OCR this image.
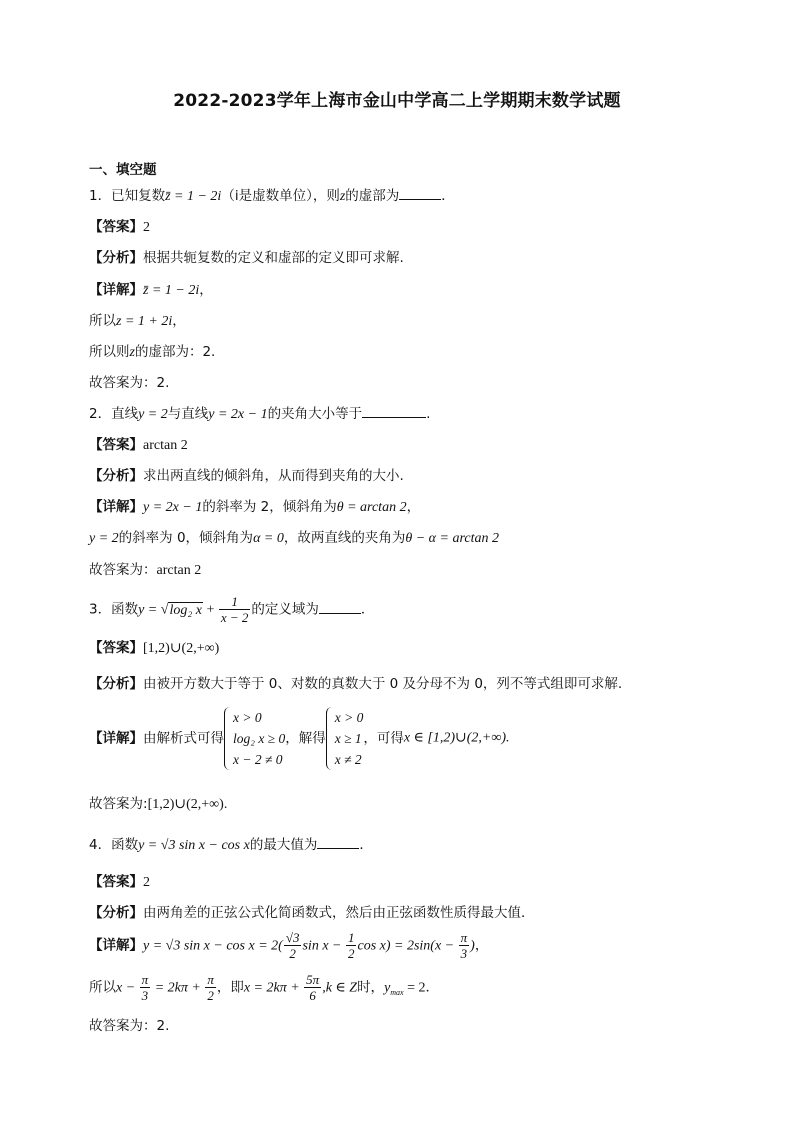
2022-2023学年上海市金山中学高二上学期期末数学试题
一、填空题
1．已知复数z̄ = 1 − 2i（i是虚数单位），则z的虚部为	．
【答案】2
【分析】根据共轭复数的定义和虚部的定义即可求解.
【详解】z̄ = 1 − 2i，
所以z = 1 + 2i，
所以则z的虚部为：2.
故答案为：2.
2．直线y = 2与直线y = 2x − 1的夹角大小等于	.
【答案】arctan 2
【分析】求出两直线的倾斜角，从而得到夹角的大小.
【详解】y = 2x − 1的斜率为 2，倾斜角为θ = arctan 2，
y = 2的斜率为 0，倾斜角为α = 0，故两直线的夹角为θ − α = arctan 2
故答案为：arctan 2
3．函数y = √log₂ $x + \frac{1}{x - 2}$ 的定义域为	．
【答案】[1,2)∪(2,+∞)
【分析】由被开方数大于等于 0、对数的真数大于 0 及分母不为 0，列不等式组即可求解.
【详解】由解析式可得
x > 0
log₂ x ≥ 0
x − 2 ≠ 0
，解得
x > 0
x ≥ 1
x ≠ 2
，可得x ∈ [1,2)∪(2,+∞).
故答案为:[1,2)∪(2,+∞).
4．函数y = √3 sin x − cos x的最大值为	．
【答案】2
【分析】由两角差的正弦公式化简函数式，然后由正弦函数性质得最大值．
【详解】y = √3 $\sin x - \cos x = 2( \frac{√3}{2}$ $\sin x - \frac{1}{2}$ $\cos x) = 2\sin(x - \frac{\pi}{3}$ )，
所以$x - \frac{\pi}{3} = 2k\pi + \frac{\pi}{2}$ ，即$x = 2k\pi + \frac{5\pi}{6} ,k$ ∈ Z时，$y_{max} = 2$．
故答案为：2.
